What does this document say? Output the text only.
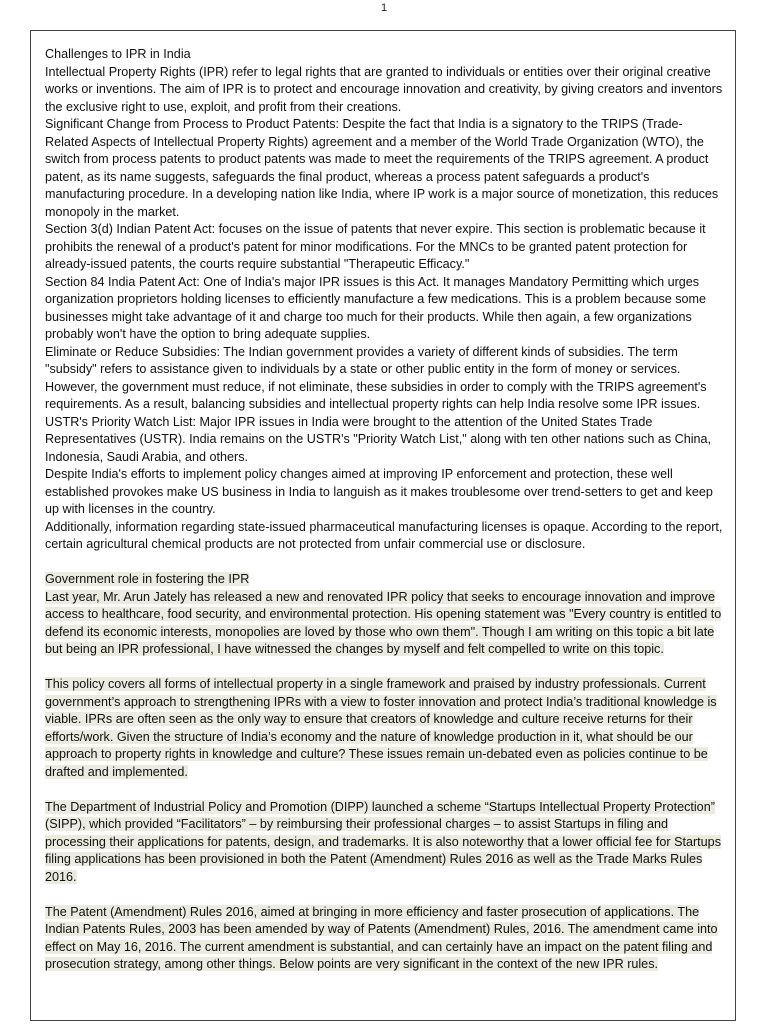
1

Challenges to IPR in India

Intellectual Property Rights (IPR) refer to legal rights that are granted to individuals or entities over their original creative works or inventions. The aim of IPR is to protect and encourage innovation and creativity, by giving creators and inventors the exclusive right to use, exploit, and profit from their creations.

Significant Change from Process to Product Patents: Despite the fact that India is a signatory to the TRIPS (Trade-Related Aspects of Intellectual Property Rights) agreement and a member of the World Trade Organization (WTO), the switch from process patents to product patents was made to meet the requirements of the TRIPS agreement. A product patent, as its name suggests, safeguards the final product, whereas a process patent safeguards a product's manufacturing procedure. In a developing nation like India, where IP work is a major source of monetization, this reduces monopoly in the market.

Section 3(d) Indian Patent Act: focuses on the issue of patents that never expire. This section is problematic because it prohibits the renewal of a product's patent for minor modifications. For the MNCs to be granted patent protection for already-issued patents, the courts require substantial "Therapeutic Efficacy."

Section 84 India Patent Act: One of India's major IPR issues is this Act. It manages Mandatory Permitting which urges organization proprietors holding licenses to efficiently manufacture a few medications. This is a problem because some businesses might take advantage of it and charge too much for their products. While then again, a few organizations probably won't have the option to bring adequate supplies.

Eliminate or Reduce Subsidies: The Indian government provides a variety of different kinds of subsidies. The term "subsidy" refers to assistance given to individuals by a state or other public entity in the form of money or services. However, the government must reduce, if not eliminate, these subsidies in order to comply with the TRIPS agreement's requirements. As a result, balancing subsidies and intellectual property rights can help India resolve some IPR issues.

USTR's Priority Watch List: Major IPR issues in India were brought to the attention of the United States Trade Representatives (USTR). India remains on the USTR's "Priority Watch List," along with ten other nations such as China, Indonesia, Saudi Arabia, and others.

Despite India's efforts to implement policy changes aimed at improving IP enforcement and protection, these well established provokes make US business in India to languish as it makes troublesome over trend-setters to get and keep up with licenses in the country.

Additionally, information regarding state-issued pharmaceutical manufacturing licenses is opaque. According to the report, certain agricultural chemical products are not protected from unfair commercial use or disclosure.

Government role in fostering the IPR
Last year, Mr. Arun Jately has released a new and renovated IPR policy that seeks to encourage innovation and improve access to healthcare, food security, and environmental protection. His opening statement was "Every country is entitled to defend its economic interests, monopolies are loved by those who own them". Though I am writing on this topic a bit late but being an IPR professional, I have witnessed the changes by myself and felt compelled to write on this topic.
This policy covers all forms of intellectual property in a single framework and praised by industry professionals. Current government’s approach to strengthening IPRs with a view to foster innovation and protect India’s traditional knowledge is viable. IPRs are often seen as the only way to ensure that creators of knowledge and culture receive returns for their efforts/work. Given the structure of India’s economy and the nature of knowledge production in it, what should be our approach to property rights in knowledge and culture? These issues remain un-debated even as policies continue to be drafted and implemented.
The Department of Industrial Policy and Promotion (DIPP) launched a scheme “Startups Intellectual Property Protection” (SIPP), which provided “Facilitators” – by reimbursing their professional charges – to assist Startups in filing and processing their applications for patents, design, and trademarks. It is also noteworthy that a lower official fee for Startups filing applications has been provisioned in both the Patent (Amendment) Rules 2016 as well as the Trade Marks Rules 2016.
The Patent (Amendment) Rules 2016, aimed at bringing in more efficiency and faster prosecution of applications. The Indian Patents Rules, 2003 has been amended by way of Patents (Amendment) Rules, 2016. The amendment came into effect on May 16, 2016. The current amendment is substantial, and can certainly have an impact on the patent filing and prosecution strategy, among other things. Below points are very significant in the context of the new IPR rules.
